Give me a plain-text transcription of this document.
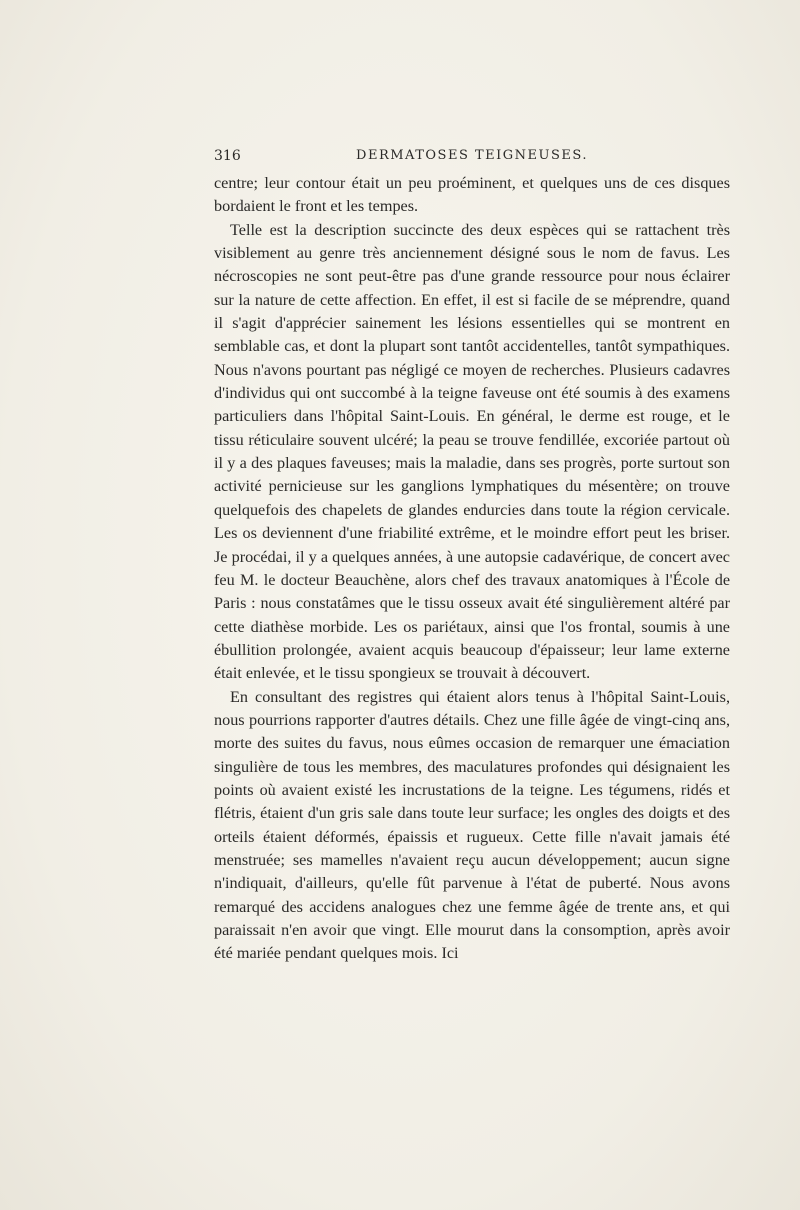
316	DERMATOSES TEIGNEUSES.

centre; leur contour était un peu proéminent, et quelques uns de ces disques bordaient le front et les tempes.

Telle est la description succincte des deux espèces qui se rattachent très visiblement au genre très anciennement désigné sous le nom de favus. Les nécroscopies ne sont peut-être pas d'une grande ressource pour nous éclairer sur la nature de cette affection. En effet, il est si facile de se méprendre, quand il s'agit d'apprécier sainement les lésions essentielles qui se montrent en semblable cas, et dont la plupart sont tantôt accidentelles, tantôt sympathiques. Nous n'avons pourtant pas négligé ce moyen de recherches. Plusieurs cadavres d'individus qui ont succombé à la teigne faveuse ont été soumis à des examens particuliers dans l'hôpital Saint-Louis. En général, le derme est rouge, et le tissu réticulaire souvent ulcéré; la peau se trouve fendillée, excoriée partout où il y a des plaques faveuses; mais la maladie, dans ses progrès, porte surtout son activité pernicieuse sur les ganglions lymphatiques du mésentère; on trouve quelquefois des chapelets de glandes endurcies dans toute la région cervicale. Les os deviennent d'une friabilité extrême, et le moindre effort peut les briser. Je procédai, il y a quelques années, à une autopsie cadavérique, de concert avec feu M. le docteur Beauchène, alors chef des travaux anatomiques à l'École de Paris : nous constatâmes que le tissu osseux avait été singulièrement altéré par cette diathèse morbide. Les os pariétaux, ainsi que l'os frontal, soumis à une ébullition prolongée, avaient acquis beaucoup d'épaisseur; leur lame externe était enlevée, et le tissu spongieux se trouvait à découvert.

En consultant des registres qui étaient alors tenus à l'hôpital Saint-Louis, nous pourrions rapporter d'autres détails. Chez une fille âgée de vingt-cinq ans, morte des suites du favus, nous eûmes occasion de remarquer une émaciation singulière de tous les membres, des maculatures profondes qui désignaient les points où avaient existé les incrustations de la teigne. Les tégumens, ridés et flétris, étaient d'un gris sale dans toute leur surface; les ongles des doigts et des orteils étaient déformés, épaissis et rugueux. Cette fille n'avait jamais été menstruée; ses mamelles n'avaient reçu aucun développement; aucun signe n'indiquait, d'ailleurs, qu'elle fût parvenue à l'état de puberté. Nous avons remarqué des accidens analogues chez une femme âgée de trente ans, et qui paraissait n'en avoir que vingt. Elle mourut dans la consomption, après avoir été mariée pendant quelques mois. Ici
